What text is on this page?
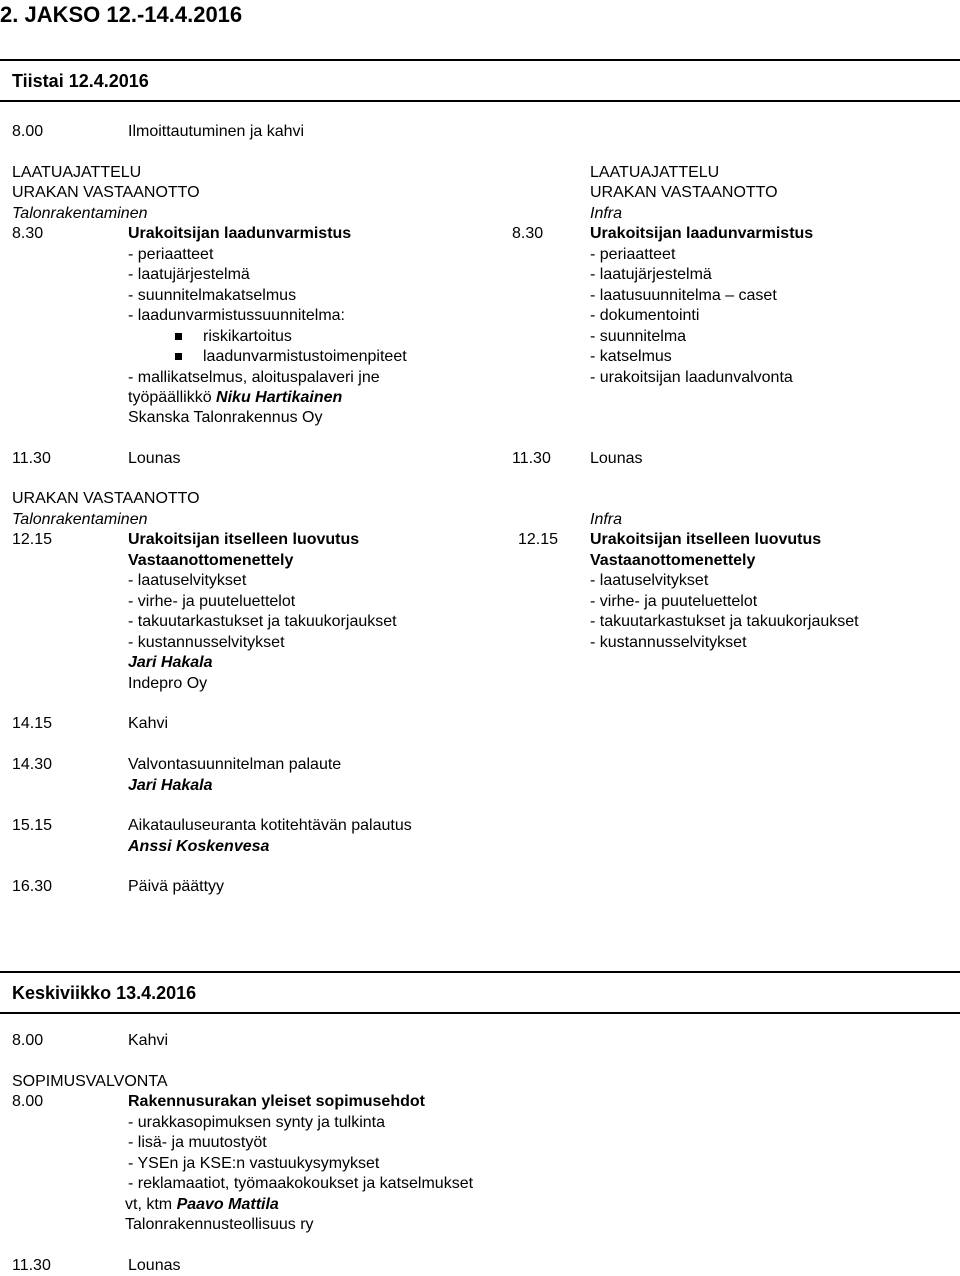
2. JAKSO 12.-14.4.2016
Tiistai 12.4.2016
8.00	Ilmoittautuminen ja kahvi
LAATUAJATTELU
URAKAN VASTAANOTTO
Talonrakentaminen
8.30	Urakoitsijan laadunvarmistus
- periaatteet
- laatujärjestelmä
- suunnitelmakatselmus
- laadunvarmistussuunnitelma:
riskikartoitus
laadunvarmistustoimenpiteet
- mallikatselmus, aloituspalaveri jne
työpäällikkö Niku Hartikainen
Skanska Talonrakennus Oy
LAATUAJATTELU
URAKAN VASTAANOTTO
Infra
8.30	Urakoitsijan laadunvarmistus
- periaatteet
- laatujärjestelmä
- laatusuunnitelma – caset
- dokumentointi
- suunnitelma
- katselmus
- urakoitsijan laadunvalvonta
11.30	Lounas	11.30 Lounas
URAKAN VASTAANOTTO
Talonrakentaminen
12.15	Urakoitsijan itselleen luovutus
Vastaanottomenettely
- laatuselvitykset
- virhe- ja puuteluettelot
- takuutarkastukset ja takuukorjaukset
- kustannusselvitykset
Jari Hakala
Indepro Oy
Infra
12.15 Urakoitsijan itselleen luovutus
Vastaanottomenettely
- laatuselvitykset
- virhe- ja puuteluettelot
- takuutarkastukset ja takuukorjaukset
- kustannusselvitykset
14.15	Kahvi
14.30	Valvontasuunnitelman palaute
Jari Hakala
15.15	Aikatauluseuranta kotitehtävän palautus
Anssi Koskenvesa
16.30	Päivä päättyy
Keskiviikko 13.4.2016
8.00	Kahvi
SOPIMUSVALVONTA
8.00	Rakennusurakan yleiset sopimusehdot
- urakkasopimuksen synty ja tulkinta
- lisä- ja muutostyöt
- YSEn ja KSE:n vastuukysymykset
- reklamaatiot, työmaakokoukset ja katselmukset
vt, ktm Paavo Mattila
Talonrakennusteollisuus ry
11.30	Lounas
